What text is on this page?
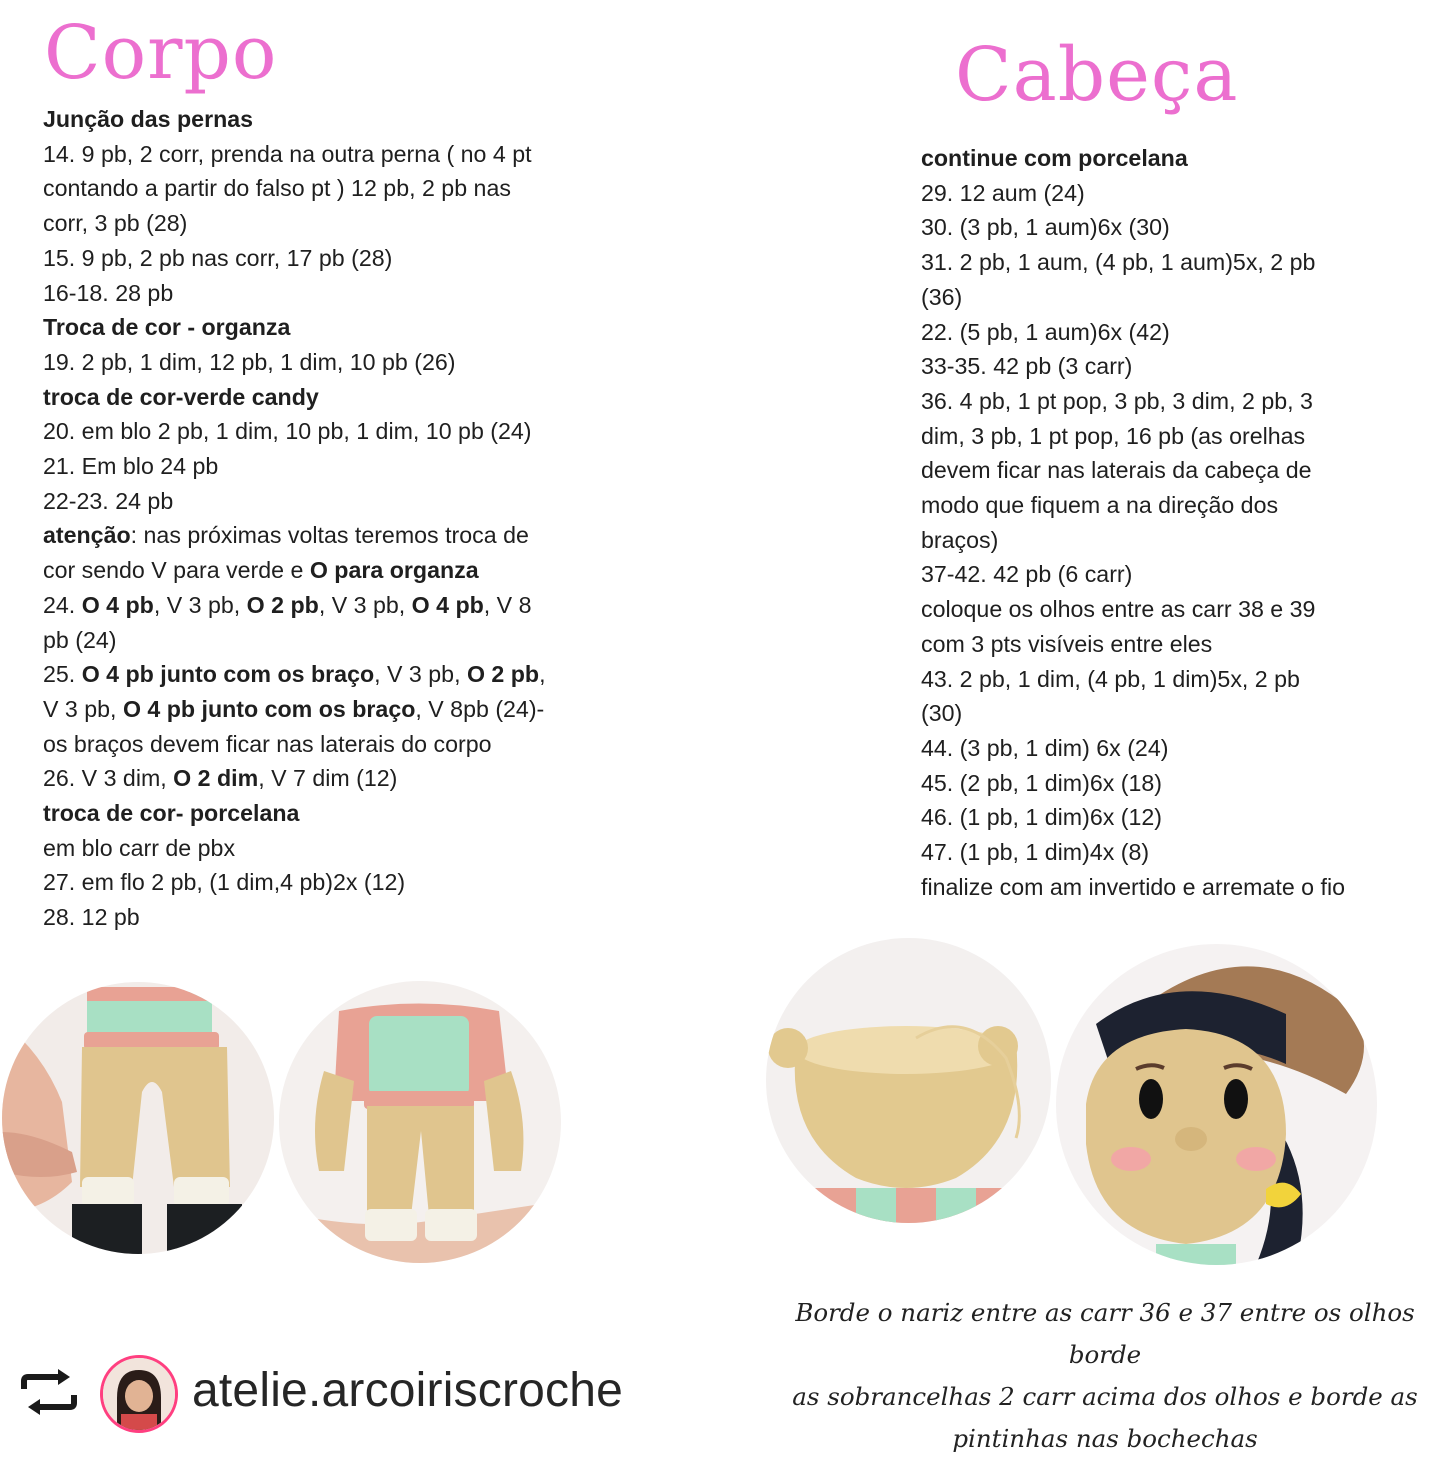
Corpo	Cabeça

Junção das pernas

14. 9 pb, 2 corr, prenda na outra perna ( no 4 pt

contando a partir do falso pt ) 12 pb, 2 pb nas

corr, 3 pb (28)

15. 9 pb, 2 pb nas corr, 17 pb (28)

16-18. 28 pb

Troca de cor - organza

19. 2 pb, 1 dim, 12 pb, 1 dim, 10 pb (26)

troca de cor-verde candy

20. em blo 2 pb, 1 dim, 10 pb, 1 dim, 10 pb (24)

21. Em blo 24 pb

22-23. 24 pb

atenção: nas próximas voltas teremos troca de

cor sendo V para verde e O para organza

24. O 4 pb, V 3 pb, O 2 pb, V 3 pb, O 4 pb, V 8

pb (24)

25. O 4 pb junto com os braço, V 3 pb, O 2 pb,

V 3 pb, O 4 pb junto com os braço, V 8pb (24)-

os braços devem ficar nas laterais do corpo

26. V 3 dim, O 2 dim, V 7 dim (12)

troca de cor- porcelana

em blo carr de pbx

27. em flo 2 pb, (1 dim,4 pb)2x (12)

28. 12 pb

continue com porcelana

29. 12 aum (24)

30. (3 pb, 1 aum)6x (30)

31. 2 pb, 1 aum, (4 pb, 1 aum)5x, 2 pb

(36)

22. (5 pb, 1 aum)6x (42)

33-35. 42 pb (3 carr)

36. 4 pb, 1 pt pop, 3 pb, 3 dim, 2 pb, 3

dim, 3 pb, 1 pt pop, 16 pb (as orelhas

devem ficar nas laterais da cabeça de

modo que fiquem a na direção dos

braços)

37-42. 42 pb (6 carr)

coloque os olhos entre as carr 38 e 39

com 3 pts visíveis entre eles

43. 2 pb, 1 dim, (4 pb, 1 dim)5x, 2 pb

(30)

44. (3 pb, 1 dim) 6x (24)

45. (2 pb, 1 dim)6x (18)

46. (1 pb, 1 dim)6x (12)

47. (1 pb, 1 dim)4x (8)

finalize com am invertido e arremate o fio

Borde o nariz entre as carr 36 e 37 entre os olhos borde
as sobrancelhas 2 carr acima dos olhos e borde as
pintinhas nas bochechas
atelie.arcoiriscroche
